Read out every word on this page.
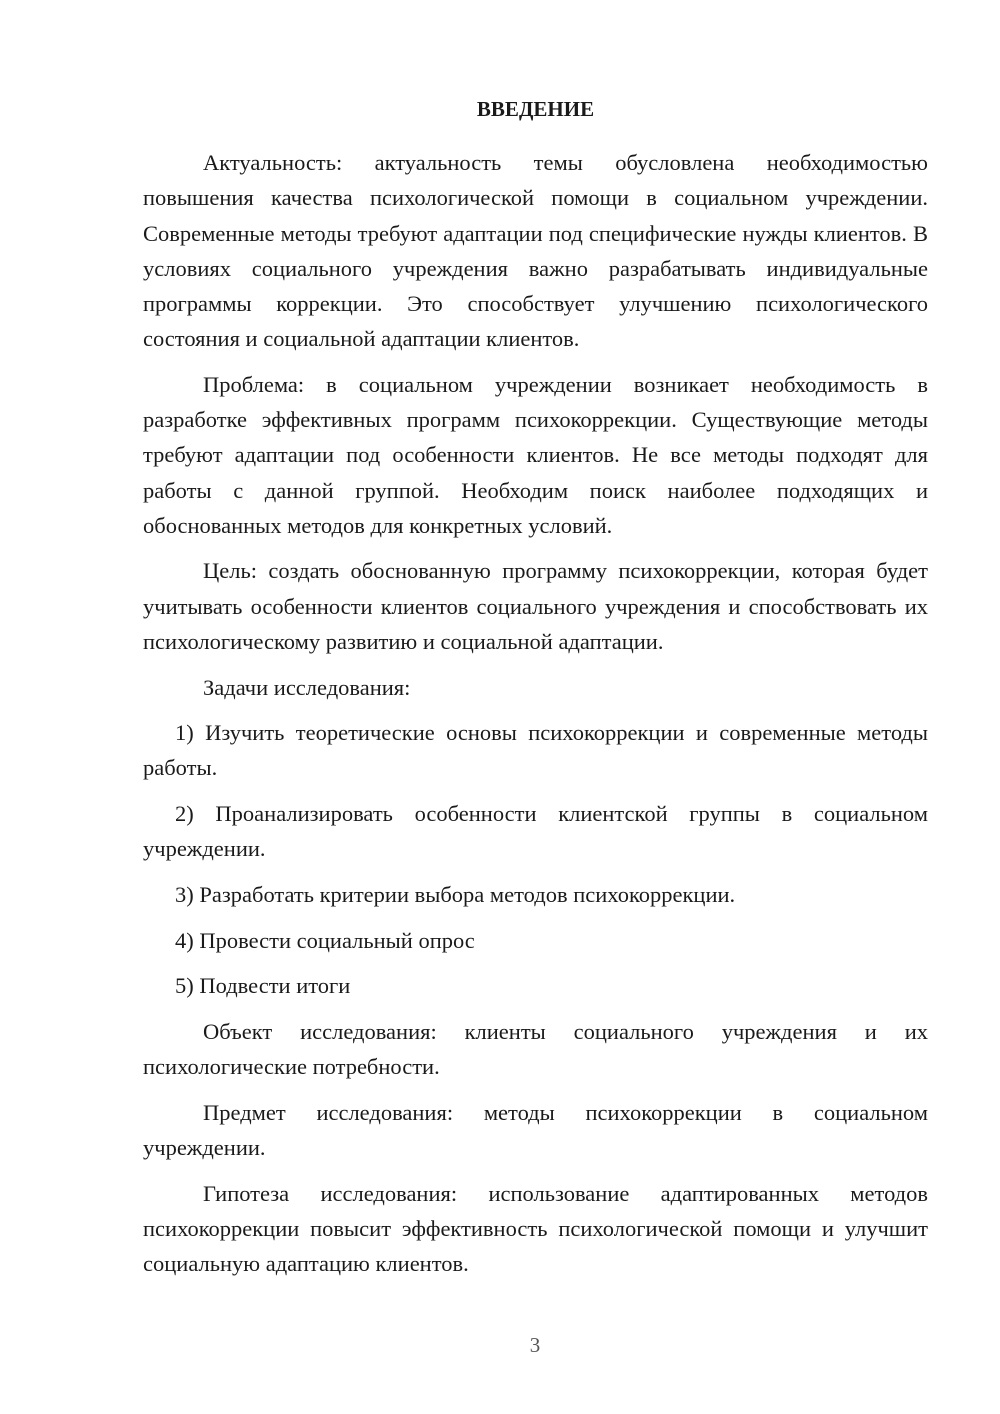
ВВЕДЕНИЕ

Актуальность: актуальность темы обусловлена необходимостью повышения качества психологической помощи в социальном учреждении. Современные методы требуют адаптации под специфические нужды клиентов. В условиях социального учреждения важно разрабатывать индивидуальные программы коррекции. Это способствует улучшению психологического состояния и социальной адаптации клиентов.

Проблема: в социальном учреждении возникает необходимость в разработке эффективных программ психокоррекции. Существующие методы требуют адаптации под особенности клиентов. Не все методы подходят для работы с данной группой. Необходим поиск наиболее подходящих и обоснованных методов для конкретных условий.

Цель: создать обоснованную программу психокоррекции, которая будет учитывать особенности клиентов социального учреждения и способствовать их психологическому развитию и социальной адаптации.

Задачи исследования:

1) Изучить теоретические основы психокоррекции и современные методы работы.

2) Проанализировать особенности клиентской группы в социальном учреждении.

3) Разработать критерии выбора методов психокоррекции.

4) Провести социальный опрос

5) Подвести итоги

Объект исследования: клиенты социального учреждения и их психологические потребности.

Предмет исследования: методы психокоррекции в социальном учреждении.

Гипотеза исследования: использование адаптированных методов психокоррекции повысит эффективность психологической помощи и улучшит социальную адаптацию клиентов.

3
